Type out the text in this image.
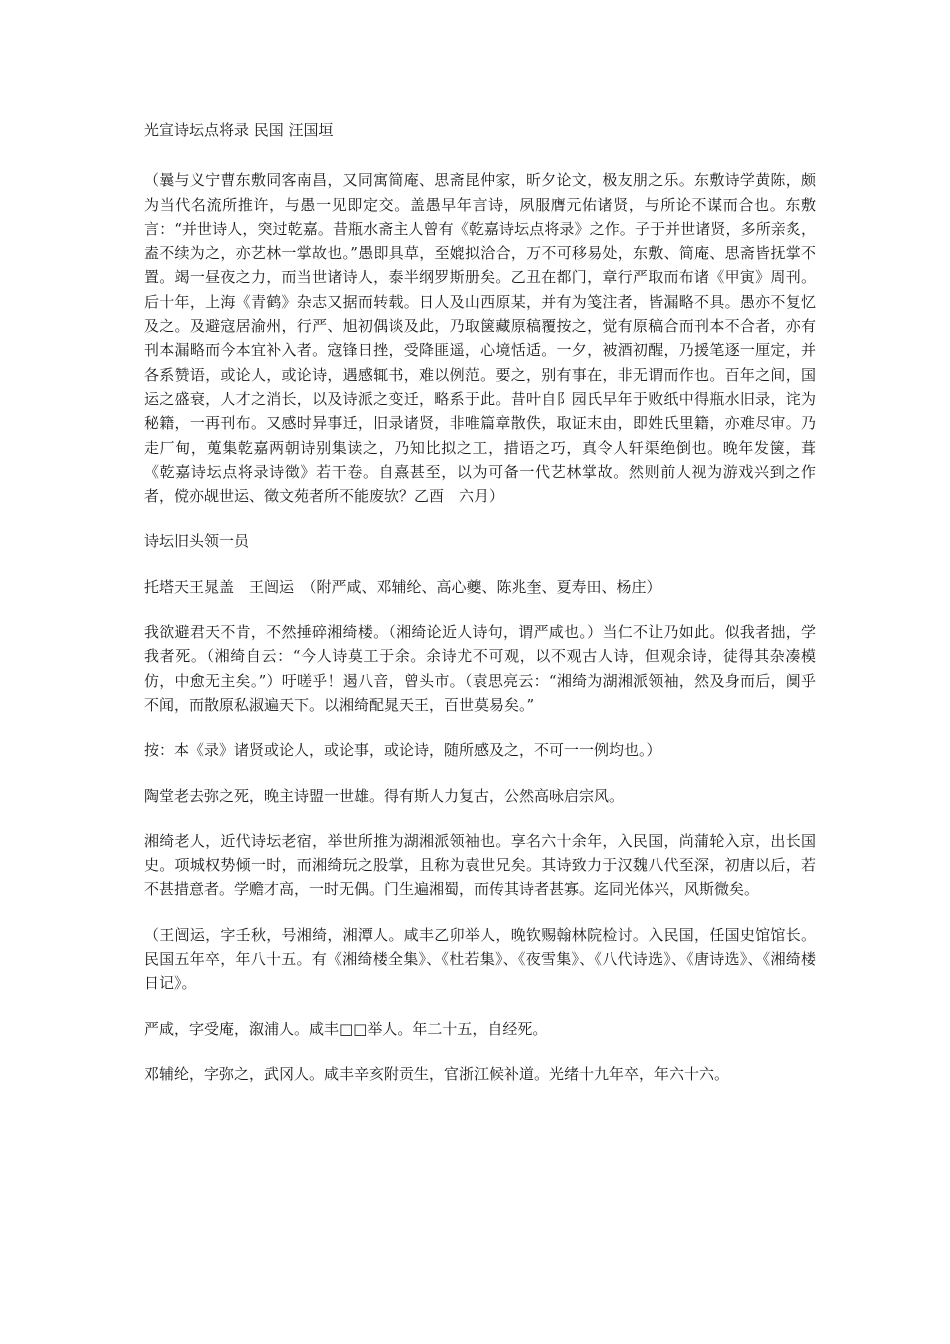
光宣诗坛点将录 民国 汪国垣

（曩与义宁曹东敷同客南昌，又同寓简庵、思斋昆仲家，昕夕论文，极友朋之乐。东敷诗学黄陈，颇为当代名流所推许，与愚一见即定交。盖愚早年言诗，夙服膺元佑诸贤，与所论不谋而合也。东敷言：“并世诗人，突过乾嘉。昔瓶水斋主人曾有《乾嘉诗坛点将录》之作。子于并世诸贤，多所亲炙，盍不续为之，亦艺林一掌故也。”愚即具草，至媲拟洽合，万不可移易处，东敷、简庵、思斋皆抚掌不置。竭一昼夜之力，而当世诸诗人，泰半纲罗斯册矣。乙丑在都门，章行严取而布诸《甲寅》周刊。后十年，上海《青鹤》杂志又据而转载。日人及山西原某，并有为笺注者，皆漏略不具。愚亦不复忆及之。及避寇居渝州，行严、旭初偶谈及此，乃取箧藏原稿覆按之，觉有原稿合而刊本不合者，亦有刊本漏略而今本宜补入者。寇锋日挫，受降匪遥，心境恬适。一夕，被酒初醒，乃援笔逐一厘定，并各系赞语，或论人，或论诗，遇感辄书，难以例范。要之，别有事在，非无谓而作也。百年之间，国运之盛衰，人才之消长，以及诗派之变迁，略系于此。昔叶自阝园氏早年于败纸中得瓶水旧录，诧为秘籍，一再刊布。又感时异事迁，旧录诸贤，非唯篇章散佚，取证末由，即姓氏里籍，亦难尽审。乃走厂甸，蒐集乾嘉两朝诗别集读之，乃知比拟之工，措语之巧，真令人轩渠绝倒也。晚年发箧，葺《乾嘉诗坛点将录诗徵》若干卷。自熹甚至，以为可备一代艺林掌故。然则前人视为游戏兴到之作者，傥亦觇世运、徵文苑者所不能废欤？乙酉　六月）

诗坛旧头领一员

托塔天王晁盖　王闿运　（附严咸、邓辅纶、高心夔、陈兆奎、夏寿田、杨庄）

我欲避君天不肯，不然捶碎湘绮楼。（湘绮论近人诗句，谓严咸也。）当仁不让乃如此。似我者拙，学我者死。（湘绮自云：“今人诗莫工于余。余诗尤不可观，以不观古人诗，但观余诗，徒得其杂凑模仿，中愈无主矣。”）吁嗟乎！遏八音，曾头市。（袁思亮云：“湘绮为湖湘派领袖，然及身而后，阒乎不闻，而散原私淑遍天下。以湘绮配晁天王，百世莫易矣。”

按：本《录》诸贤或论人，或论事，或论诗，随所感及之，不可一一例均也。）

陶堂老去弥之死，晚主诗盟一世雄。得有斯人力复古，公然高咏启宗风。

湘绮老人，近代诗坛老宿，举世所推为湖湘派领袖也。享名六十余年，入民国，尚蒲轮入京，出长国史。项城权势倾一时，而湘绮玩之股掌，且称为袁世兄矣。其诗致力于汉魏八代至深，初唐以后，若不甚措意者。学赡才高，一时无偶。门生遍湘蜀，而传其诗者甚寡。迄同光体兴，风斯微矣。

（王闿运，字壬秋，号湘绮，湘潭人。咸丰乙卯举人，晚钦赐翰林院检讨。入民国，任国史馆馆长。民国五年卒，年八十五。有《湘绮楼全集》、《杜若集》、《夜雪集》、《八代诗选》、《唐诗选》、《湘绮楼日记》。

严咸，字受庵，溆浦人。咸丰□□举人。年二十五，自经死。

邓辅纶，字弥之，武冈人。咸丰辛亥附贡生，官浙江候补道。光绪十九年卒，年六十六。
